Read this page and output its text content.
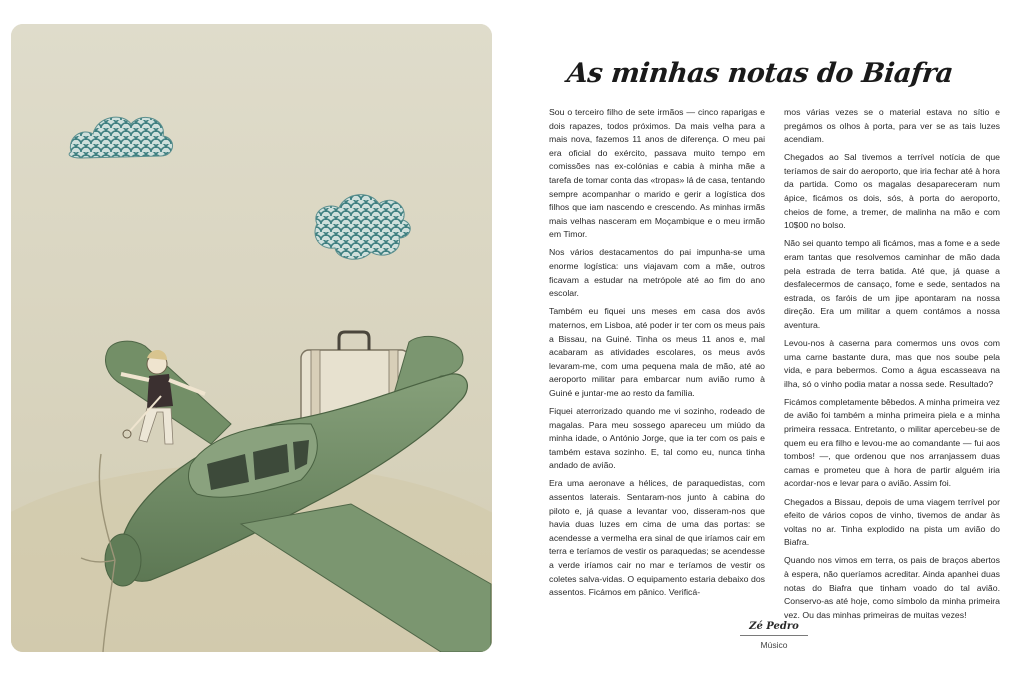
As minhas notas do Biafra

Sou o terceiro filho de sete irmãos — cinco raparigas e dois rapazes, todos próximos. Da mais velha para a mais nova, fazemos 11 anos de diferença. O meu pai era oficial do exército, passava muito tempo em comissões nas ex-colónias e cabia à minha mãe a tarefa de tomar conta das «tropas» lá de casa, tentando sempre acompanhar o marido e gerir a logística dos filhos que iam nascendo e crescendo. As minhas irmãs mais velhas nasceram em Moçambique e o meu irmão em Timor.

Nos vários destacamentos do pai impunha-se uma enorme logística: uns viajavam com a mãe, outros ficavam a estudar na metrópole até ao fim do ano escolar.

Também eu fiquei uns meses em casa dos avós maternos, em Lisboa, até poder ir ter com os meus pais a Bissau, na Guiné. Tinha os meus 11 anos e, mal acabaram as atividades escolares, os meus avós levaram-me, com uma pequena mala de mão, até ao aeroporto militar para embarcar num avião rumo à Guiné e juntar-me ao resto da família.

Fiquei aterrorizado quando me vi sozinho, rodeado de magalas. Para meu sossego apareceu um miúdo da minha idade, o António Jorge, que ia ter com os pais e também estava sozinho. E, tal como eu, nunca tinha andado de avião.

Era uma aeronave a hélices, de paraquedistas, com assentos laterais. Sentaram-nos junto à cabina do piloto e, já quase a levantar voo, disseram-nos que havia duas luzes em cima de uma das portas: se acendesse a vermelha era sinal de que iríamos cair em terra e teríamos de vestir os paraquedas; se acendesse a verde iríamos cair no mar e teríamos de vestir os coletes salva-vidas. O equipamento estaria debaixo dos assentos. Ficámos em pânico. Verificá-

mos várias vezes se o material estava no sítio e pregámos os olhos à porta, para ver se as tais luzes acendiam.

Chegados ao Sal tivemos a terrível notícia de que teríamos de sair do aeroporto, que iria fechar até à hora da partida. Como os magalas desapareceram num ápice, ficámos os dois, sós, à porta do aeroporto, cheios de fome, a tremer, de malinha na mão e com 10$00 no bolso.

Não sei quanto tempo ali ficámos, mas a fome e a sede eram tantas que resolvemos caminhar de mão dada pela estrada de terra batida. Até que, já quase a desfalecermos de cansaço, fome e sede, sentados na estrada, os faróis de um jipe apontaram na nossa direção. Era um militar a quem contámos a nossa aventura.

Levou-nos à caserna para comermos uns ovos com uma carne bastante dura, mas que nos soube pela vida, e para bebermos. Como a água escasseava na ilha, só o vinho podia matar a nossa sede. Resultado?

Ficámos completamente bêbedos. A minha primeira vez de avião foi também a minha primeira piela e a minha primeira ressaca. Entretanto, o militar apercebeu-se de quem eu era filho e levou-me ao comandante — fui aos tombos! —, que ordenou que nos arranjassem duas camas e prometeu que à hora de partir alguém iria acordar-nos e levar para o avião. Assim foi.

Chegados a Bissau, depois de uma viagem terrível por efeito de vários copos de vinho, tivemos de andar às voltas no ar. Tinha explodido na pista um avião do Biafra.

Quando nos vimos em terra, os pais de braços abertos à espera, não queríamos acreditar. Ainda apanhei duas notas do Biafra que tinham voado do tal avião. Conservo-as até hoje, como símbolo da minha primeira vez. Ou das minhas primeiras de muitas vezes!

Zé Pedro
Músico
